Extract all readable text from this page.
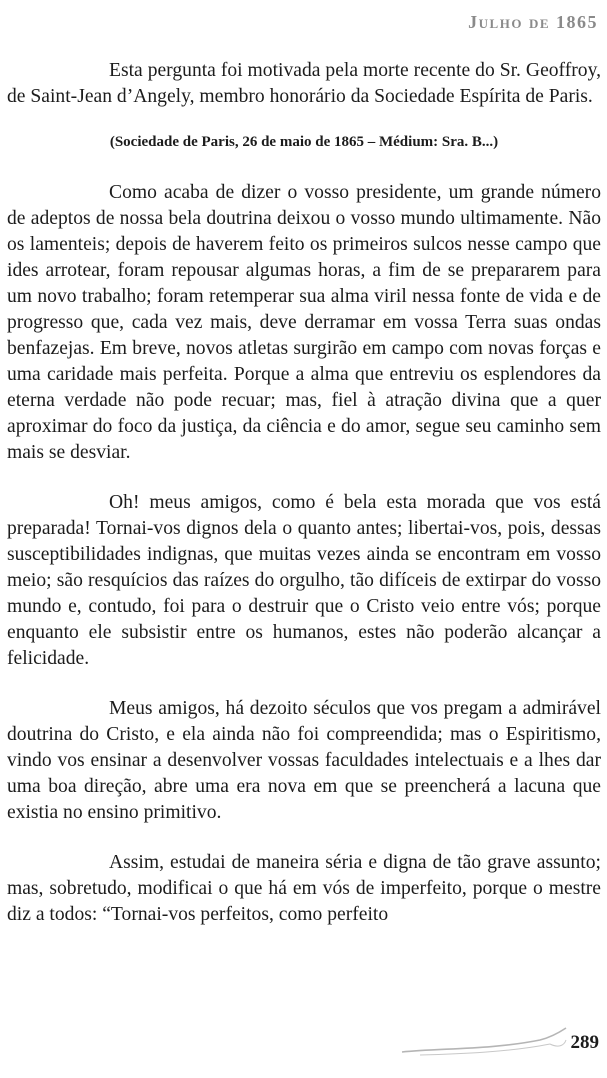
Julho de 1865

Esta pergunta foi motivada pela morte recente do Sr. Geoffroy, de Saint-Jean d’Angely, membro honorário da Sociedade Espírita de Paris.

(Sociedade de Paris, 26 de maio de 1865 – Médium: Sra. B...)

Como acaba de dizer o vosso presidente, um grande número de adeptos de nossa bela doutrina deixou o vosso mundo ultimamente. Não os lamenteis; depois de haverem feito os primeiros sulcos nesse campo que ides arrotear, foram repousar algumas horas, a fim de se prepararem para um novo trabalho; foram retemperar sua alma viril nessa fonte de vida e de progresso que, cada vez mais, deve derramar em vossa Terra suas ondas benfazejas. Em breve, novos atletas surgirão em campo com novas forças e uma caridade mais perfeita. Porque a alma que entreviu os esplendores da eterna verdade não pode recuar; mas, fiel à atração divina que a quer aproximar do foco da justiça, da ciência e do amor, segue seu caminho sem mais se desviar.

Oh! meus amigos, como é bela esta morada que vos está preparada! Tornai-vos dignos dela o quanto antes; libertai-vos, pois, dessas susceptibilidades indignas, que muitas vezes ainda se encontram em vosso meio; são resquícios das raízes do orgulho, tão difíceis de extirpar do vosso mundo e, contudo, foi para o destruir que o Cristo veio entre vós; porque enquanto ele subsistir entre os humanos, estes não poderão alcançar a felicidade.

Meus amigos, há dezoito séculos que vos pregam a admirável doutrina do Cristo, e ela ainda não foi compreendida; mas o Espiritismo, vindo vos ensinar a desenvolver vossas faculdades intelectuais e a lhes dar uma boa direção, abre uma era nova em que se preencherá a lacuna que existia no ensino primitivo.

Assim, estudai de maneira séria e digna de tão grave assunto; mas, sobretudo, modificai o que há em vós de imperfeito, porque o mestre diz a todos: “Tornai-vos perfeitos, como perfeito

289
